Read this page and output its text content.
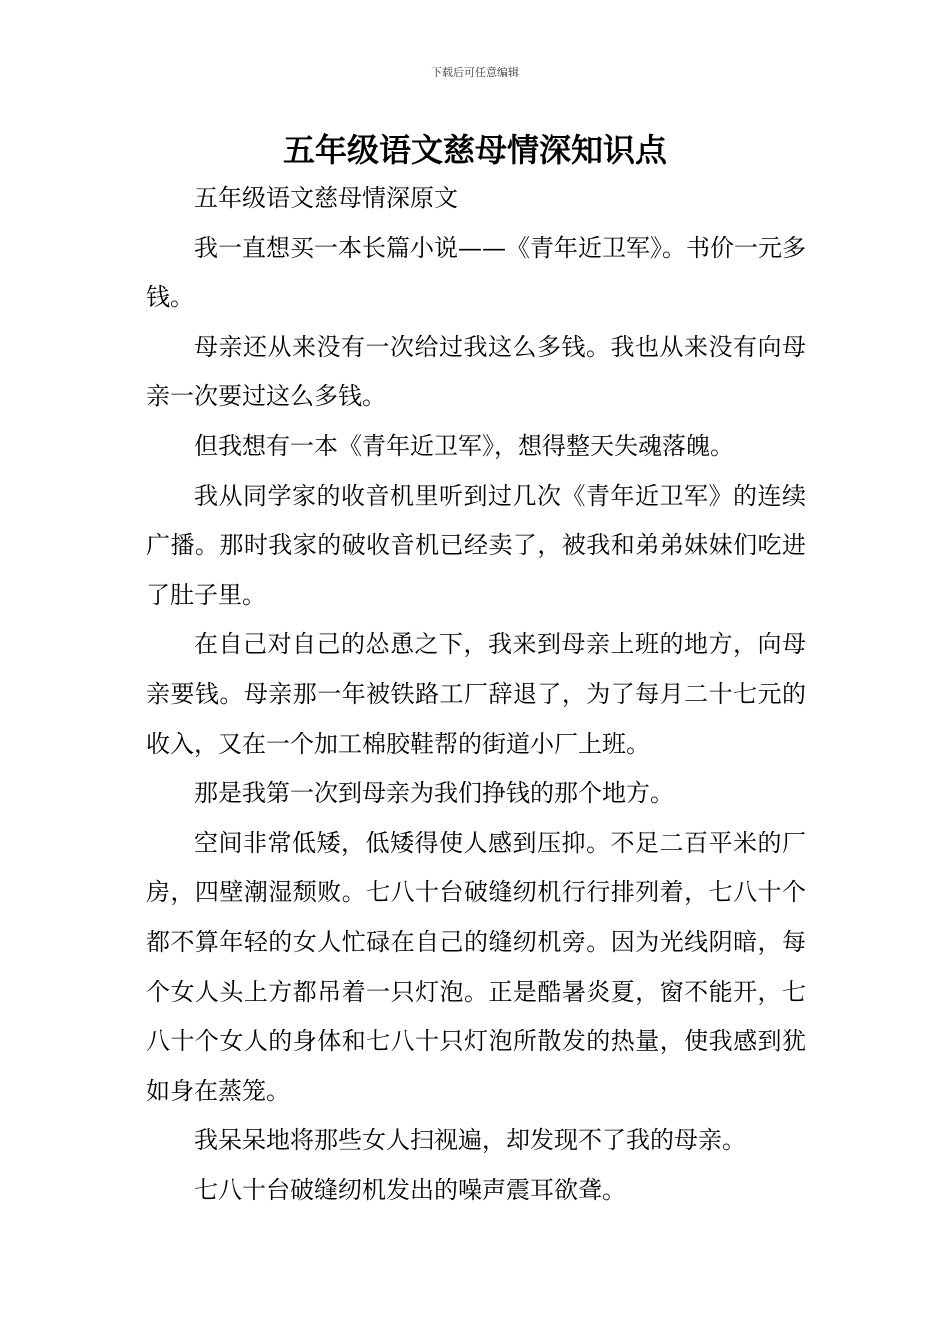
下载后可任意编辑
五年级语文慈母情深知识点

五年级语文慈母情深原文

我一直想买一本长篇小说——《青年近卫军》。书价一元多钱。

母亲还从来没有一次给过我这么多钱。我也从来没有向母亲一次要过这么多钱。

但我想有一本《青年近卫军》，想得整天失魂落魄。

我从同学家的收音机里听到过几次《青年近卫军》的连续广播。那时我家的破收音机已经卖了，被我和弟弟妹妹们吃进了肚子里。

在自己对自己的怂恿之下，我来到母亲上班的地方，向母亲要钱。母亲那一年被铁路工厂辞退了，为了每月二十七元的收入，又在一个加工棉胶鞋帮的街道小厂上班。

那是我第一次到母亲为我们挣钱的那个地方。

空间非常低矮，低矮得使人感到压抑。不足二百平米的厂房，四壁潮湿颓败。七八十台破缝纫机行行排列着，七八十个都不算年轻的女人忙碌在自己的缝纫机旁。因为光线阴暗，每个女人头上方都吊着一只灯泡。正是酷暑炎夏，窗不能开，七八十个女人的身体和七八十只灯泡所散发的热量，使我感到犹如身在蒸笼。

我呆呆地将那些女人扫视遍，却发现不了我的母亲。

七八十台破缝纫机发出的噪声震耳欲聋。
